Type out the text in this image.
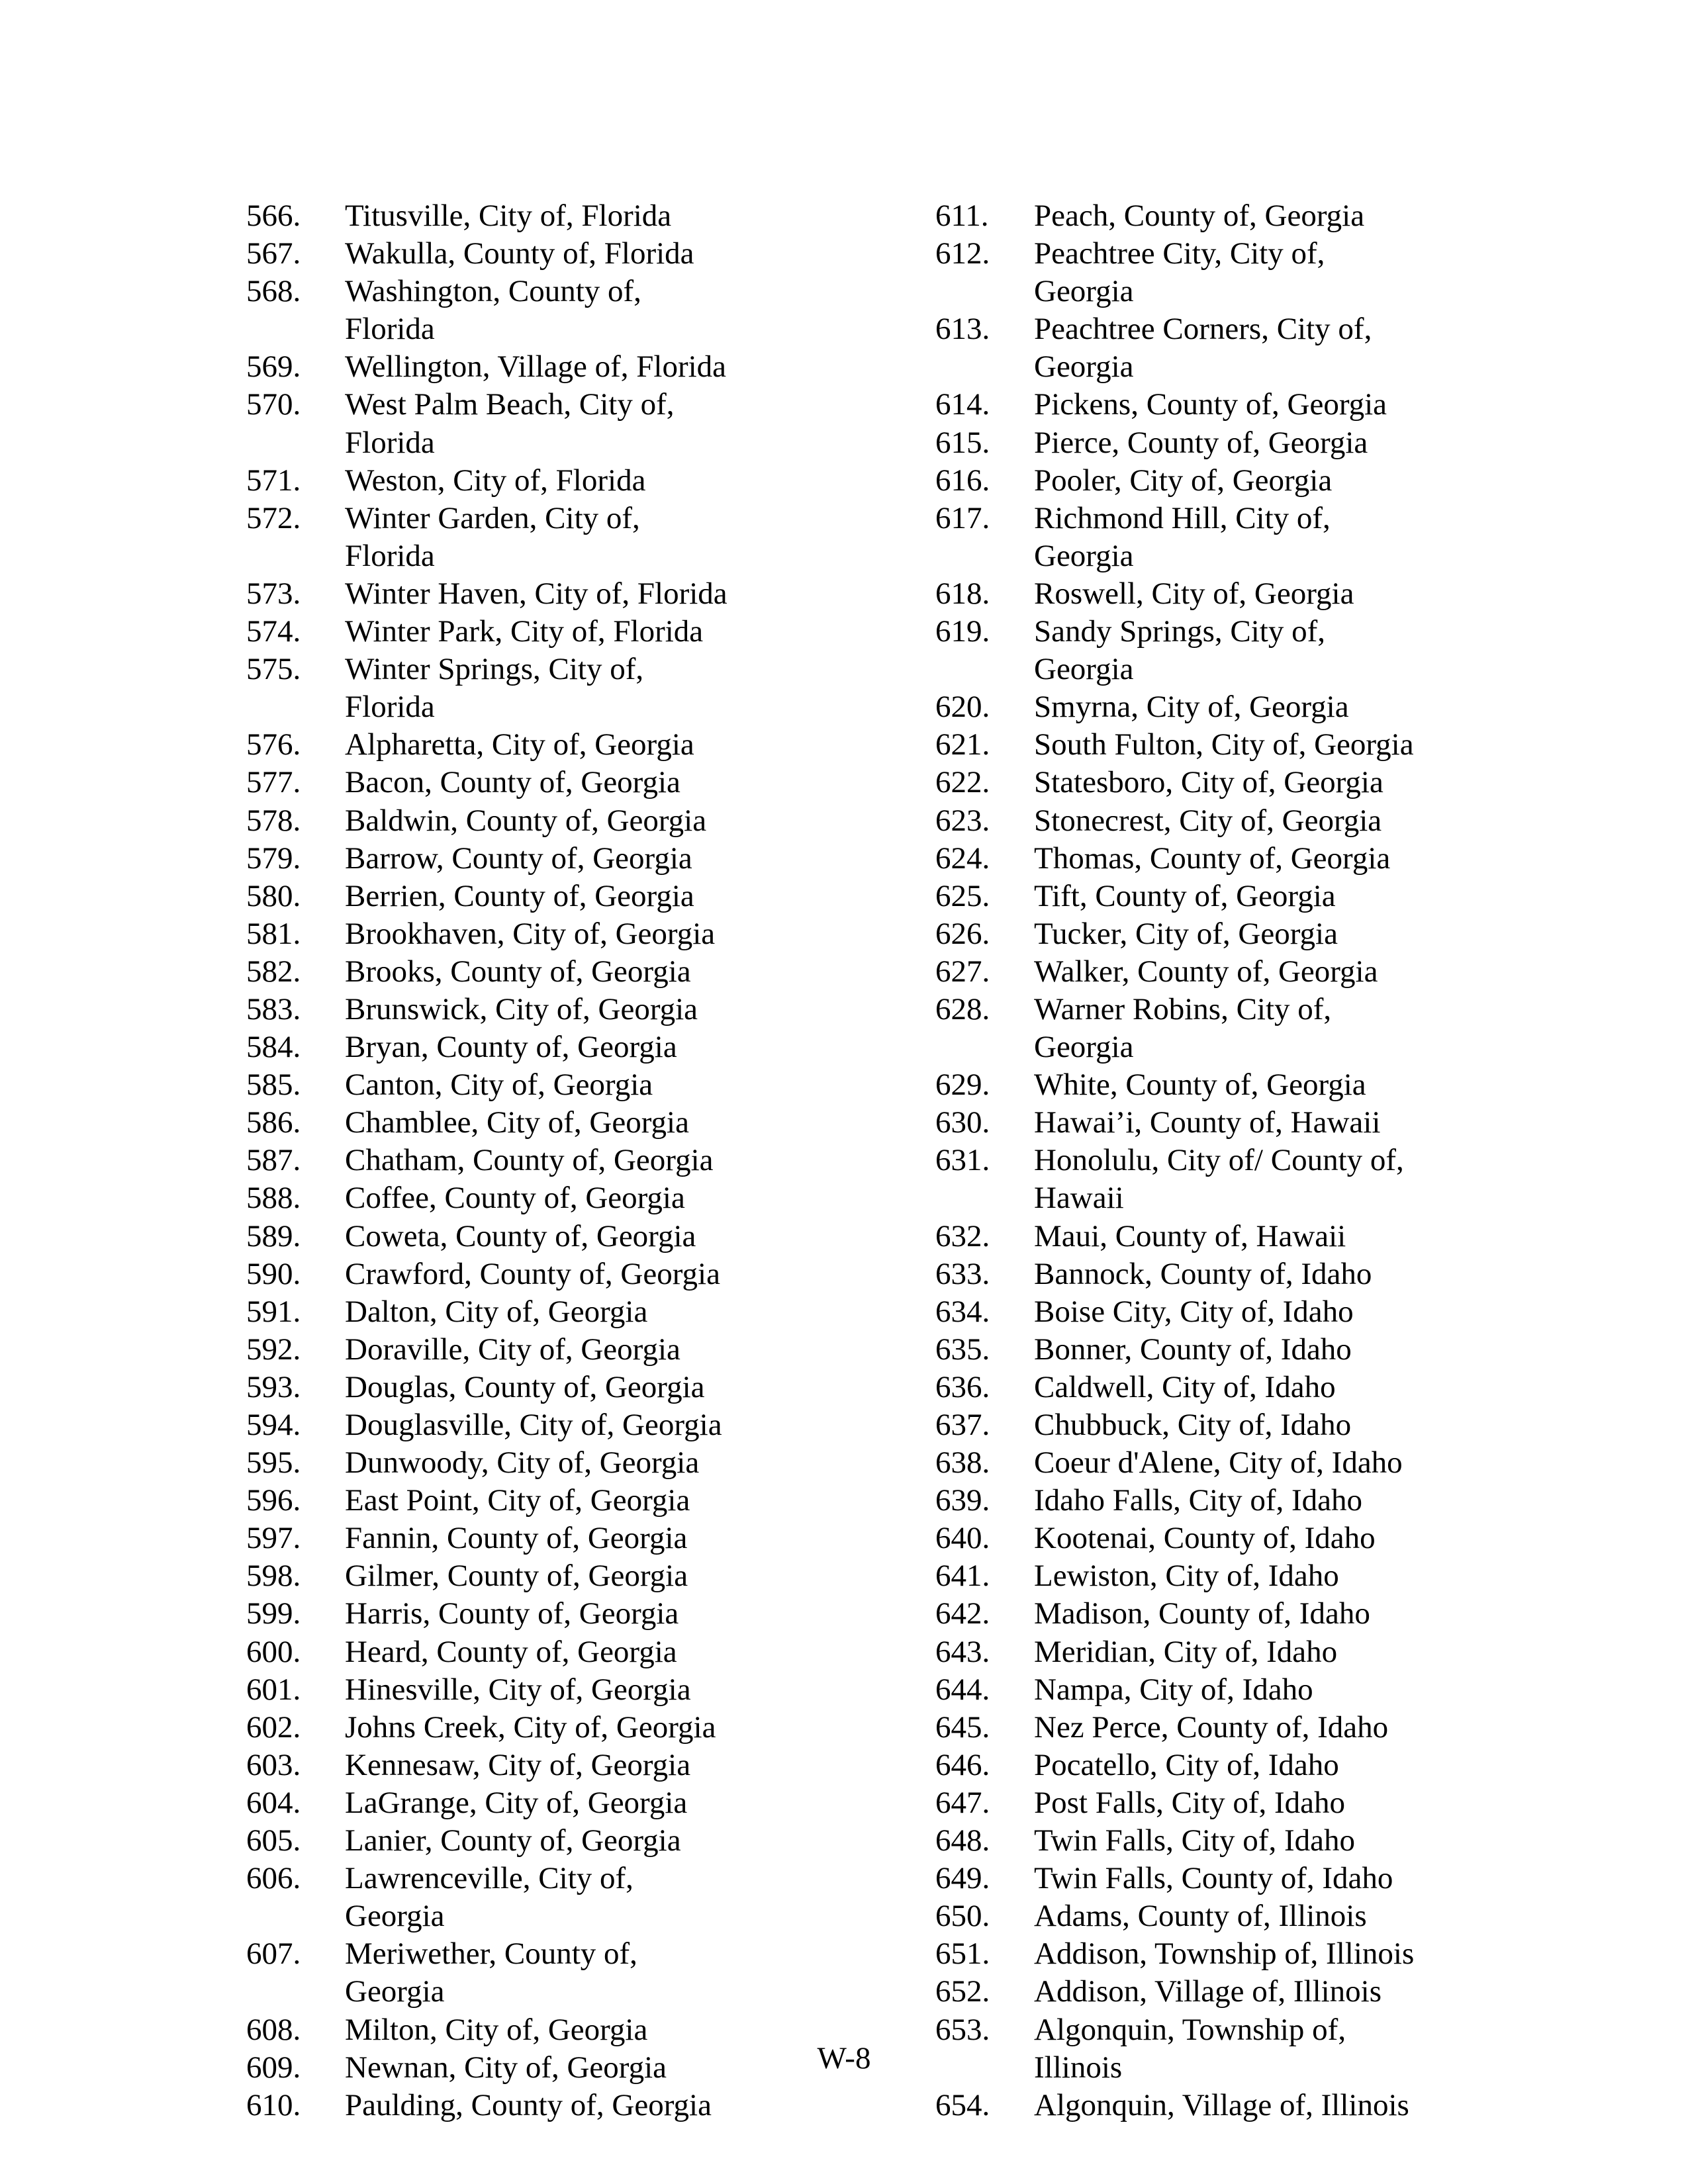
566.	Titusville, City of, Florida
567.	Wakulla, County of, Florida
568.	Washington, County of, Florida
569.	Wellington, Village of, Florida
570.	West Palm Beach, City of, Florida
571.	Weston, City of, Florida
572.	Winter Garden, City of, Florida
573.	Winter Haven, City of, Florida
574.	Winter Park, City of, Florida
575.	Winter Springs, City of, Florida
576.	Alpharetta, City of, Georgia
577.	Bacon, County of, Georgia
578.	Baldwin, County of, Georgia
579.	Barrow, County of, Georgia
580.	Berrien, County of, Georgia
581.	Brookhaven, City of, Georgia
582.	Brooks, County of, Georgia
583.	Brunswick, City of, Georgia
584.	Bryan, County of, Georgia
585.	Canton, City of, Georgia
586.	Chamblee, City of, Georgia
587.	Chatham, County of, Georgia
588.	Coffee, County of, Georgia
589.	Coweta, County of, Georgia
590.	Crawford, County of, Georgia
591.	Dalton, City of, Georgia
592.	Doraville, City of, Georgia
593.	Douglas, County of, Georgia
594.	Douglasville, City of, Georgia
595.	Dunwoody, City of, Georgia
596.	East Point, City of, Georgia
597.	Fannin, County of, Georgia
598.	Gilmer, County of, Georgia
599.	Harris, County of, Georgia
600.	Heard, County of, Georgia
601.	Hinesville, City of, Georgia
602.	Johns Creek, City of, Georgia
603.	Kennesaw, City of, Georgia
604.	LaGrange, City of, Georgia
605.	Lanier, County of, Georgia
606.	Lawrenceville, City of, Georgia
607.	Meriwether, County of, Georgia
608.	Milton, City of, Georgia
609.	Newnan, City of, Georgia
610.	Paulding, County of, Georgia
611.	Peach, County of, Georgia
612.	Peachtree City, City of, Georgia
613.	Peachtree Corners, City of, Georgia
614.	Pickens, County of, Georgia
615.	Pierce, County of, Georgia
616.	Pooler, City of, Georgia
617.	Richmond Hill, City of, Georgia
618.	Roswell, City of, Georgia
619.	Sandy Springs, City of, Georgia
620.	Smyrna, City of, Georgia
621.	South Fulton, City of, Georgia
622.	Statesboro, City of, Georgia
623.	Stonecrest, City of, Georgia
624.	Thomas, County of, Georgia
625.	Tift, County of, Georgia
626.	Tucker, City of, Georgia
627.	Walker, County of, Georgia
628.	Warner Robins, City of, Georgia
629.	White, County of, Georgia
630.	Hawai’i, County of, Hawaii
631.	Honolulu, City of/ County of, Hawaii
632.	Maui, County of, Hawaii
633.	Bannock, County of, Idaho
634.	Boise City, City of, Idaho
635.	Bonner, County of, Idaho
636.	Caldwell, City of, Idaho
637.	Chubbuck, City of, Idaho
638.	Coeur d'Alene, City of, Idaho
639.	Idaho Falls, City of, Idaho
640.	Kootenai, County of, Idaho
641.	Lewiston, City of, Idaho
642.	Madison, County of, Idaho
643.	Meridian, City of, Idaho
644.	Nampa, City of, Idaho
645.	Nez Perce, County of, Idaho
646.	Pocatello, City of, Idaho
647.	Post Falls, City of, Idaho
648.	Twin Falls, City of, Idaho
649.	Twin Falls, County of, Idaho
650.	Adams, County of, Illinois
651.	Addison, Township of, Illinois
652.	Addison, Village of, Illinois
653.	Algonquin, Township of, Illinois
654.	Algonquin, Village of, Illinois
W-8
